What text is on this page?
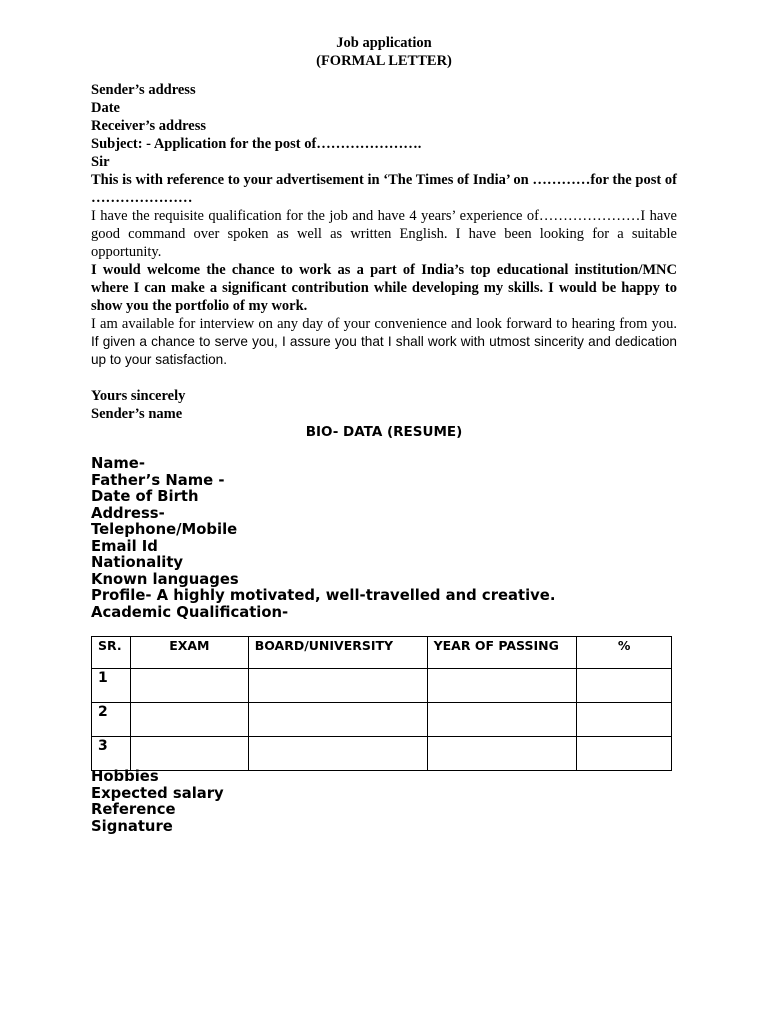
Job application

(FORMAL LETTER)

Sender’s address

Date

Receiver’s address

Subject: - Application for the post of………………….

Sir

This is with reference to your advertisement in ‘The Times of India’ on …………for the post of …………………

I have the requisite qualification for the job and have 4 years’ experience of…………………I have good command over spoken as well as written English. I have been looking for a suitable opportunity.

I would welcome the chance to work as a part of India’s top educational institution/MNC where I can make a significant contribution while developing my skills. I would be happy to show you the portfolio of my work.

I am available for interview on any day of your convenience and look forward to hearing from you. If given a chance to serve you, I assure you that I shall work with utmost sincerity and dedication up to your satisfaction.

Yours sincerely

Sender’s name

BIO- DATA (RESUME)

Name-

Father’s Name -

Date of Birth

Address-

Telephone/Mobile

Email Id

Nationality

Known languages

Profile- A highly motivated, well-travelled and creative.

Academic Qualification-

SR.	EXAM	BOARD/UNIVERSITY	YEAR OF PASSING	%
1				
2				
3				

Hobbies

Expected salary

Reference

Signature
